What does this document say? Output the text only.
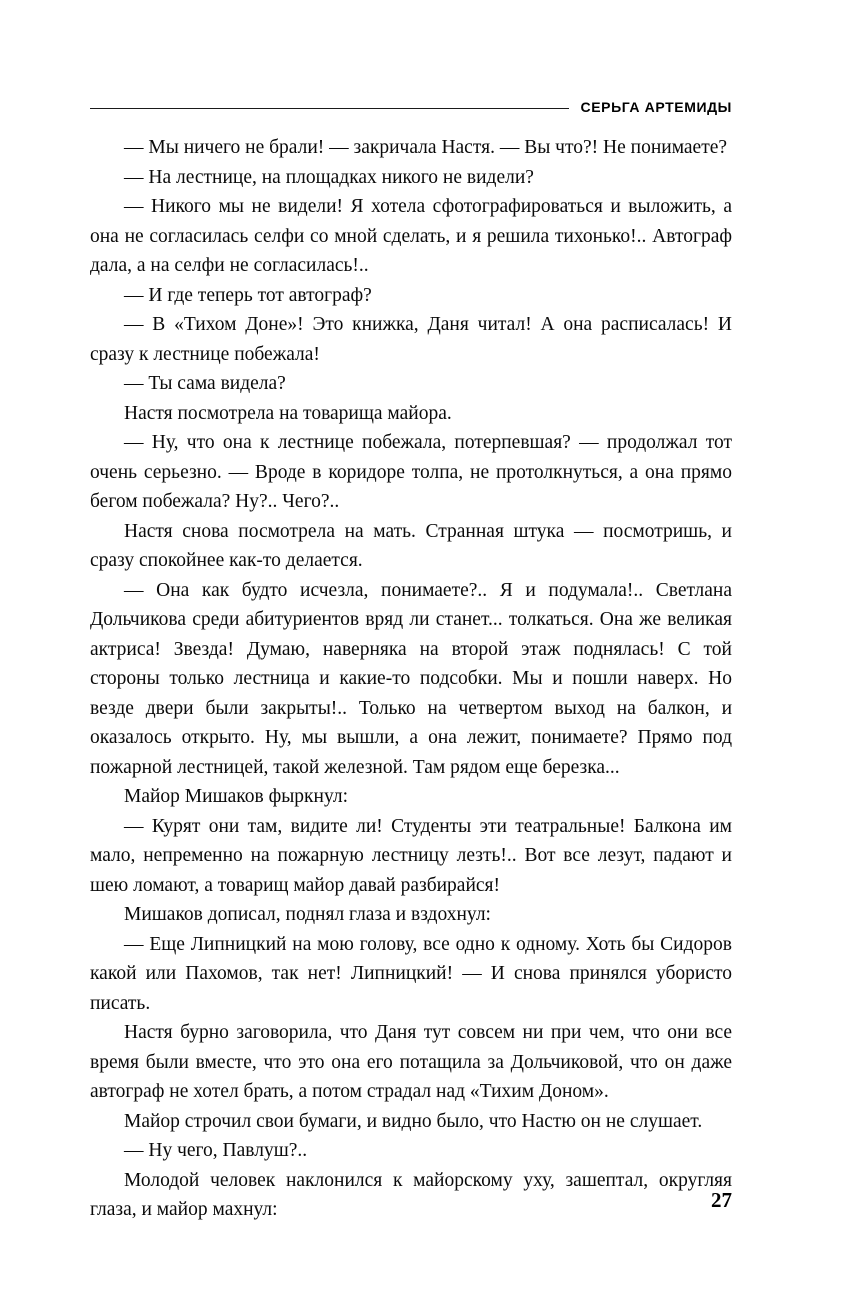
СЕРЬГА АРТЕМИДЫ

— Мы ничего не брали! — закричала Настя. — Вы что?! Не понимаете?

— На лестнице, на площадках никого не видели?

— Никого мы не видели! Я хотела сфотографироваться и выложить, а она не согласилась селфи со мной сделать, и я решила тихонько!.. Автограф дала, а на селфи не согласилась!..

— И где теперь тот автограф?

— В «Тихом Доне»! Это книжка, Даня читал! А она расписалась! И сразу к лестнице побежала!

— Ты сама видела?

Настя посмотрела на товарища майора.

— Ну, что она к лестнице побежала, потерпевшая? — продолжал тот очень серьезно. — Вроде в коридоре толпа, не протолкнуться, а она прямо бегом побежала? Ну?.. Чего?..

Настя снова посмотрела на мать. Странная штука — посмотришь, и сразу спокойнее как-то делается.

— Она как будто исчезла, понимаете?.. Я и подумала!.. Светлана Дольчикова среди абитуриентов вряд ли станет... толкаться. Она же великая актриса! Звезда! Думаю, наверняка на второй этаж поднялась! С той стороны только лестница и какие-то подсобки. Мы и пошли наверх. Но везде двери были закрыты!.. Только на четвертом выход на балкон, и оказалось открыто. Ну, мы вышли, а она лежит, понимаете? Прямо под пожарной лестницей, такой железной. Там рядом еще березка...

Майор Мишаков фыркнул:

— Курят они там, видите ли! Студенты эти театральные! Балкона им мало, непременно на пожарную лестницу лезть!.. Вот все лезут, падают и шею ломают, а товарищ майор давай разбирайся!

Мишаков дописал, поднял глаза и вздохнул:

— Еще Липницкий на мою голову, все одно к одному. Хоть бы Сидоров какой или Пахомов, так нет! Липницкий! — И снова принялся убористо писать.

Настя бурно заговорила, что Даня тут совсем ни при чем, что они все время были вместе, что это она его потащила за Дольчиковой, что он даже автограф не хотел брать, а потом страдал над «Тихим Доном».

Майор строчил свои бумаги, и видно было, что Настю он не слушает.

— Ну чего, Павлуш?..

Молодой человек наклонился к майорскому уху, зашептал, округляя глаза, и майор махнул:	27
